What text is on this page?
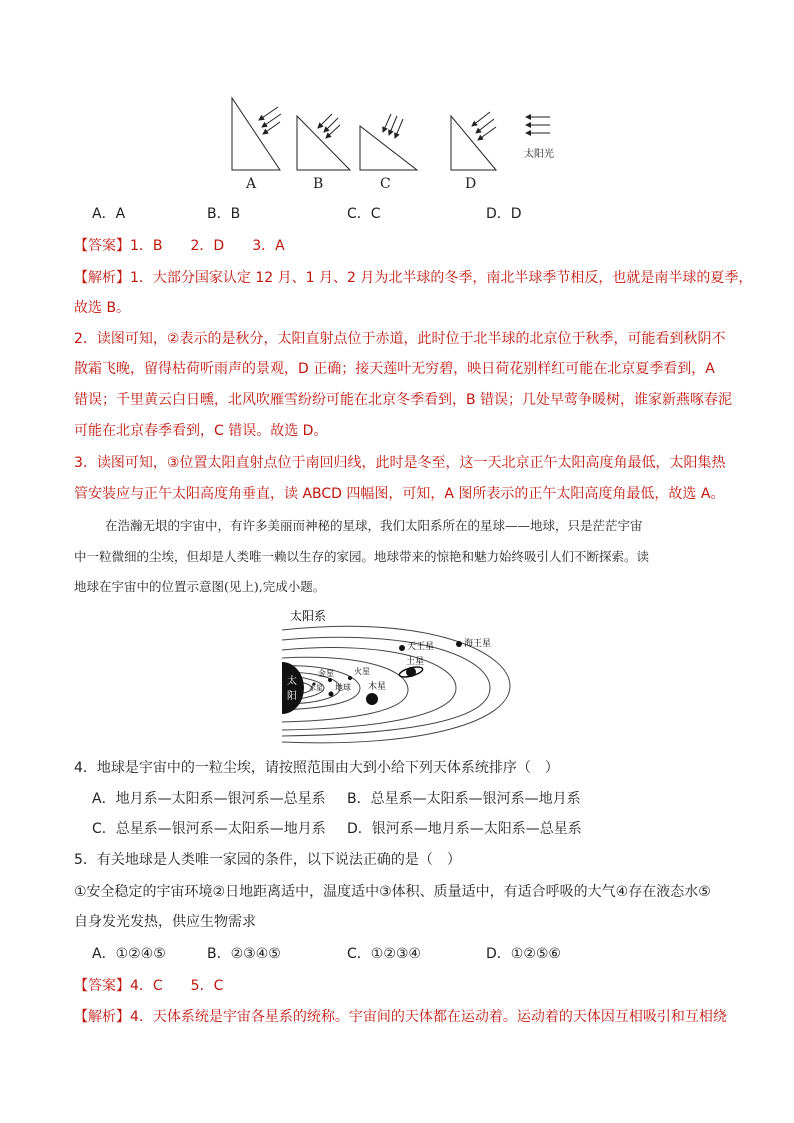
A	B	C	D
太阳光
A．A	B．B	C．C	D．D
【答案】1．B　　2．D　　3．A
【解析】1．大部分国家认定 12 月、1 月、2 月为北半球的冬季，南北半球季节相反，也就是南半球的夏季，
故选 B。
2．读图可知，②表示的是秋分，太阳直射点位于赤道，此时位于北半球的北京位于秋季，可能看到秋阴不
散霜飞晚，留得枯荷听雨声的景观，D 正确；接天莲叶无穷碧，映日荷花别样红可能在北京夏季看到，A
错误；千里黄云白日曛，北风吹雁雪纷纷可能在北京冬季看到，B 错误；几处早莺争暖树，谁家新燕啄春泥
可能在北京春季看到，C 错误。故选 D。
3．读图可知，③位置太阳直射点位于南回归线，此时是冬至，这一天北京正午太阳高度角最低，太阳集热
管安装应与正午太阳高度角垂直，读 ABCD 四幅图，可知，A 图所表示的正午太阳高度角最低，故选 A。
在浩瀚无垠的宇宙中，有许多美丽而神秘的星球，我们太阳系所在的星球——地球，只是茫茫宇宙
中一粒微细的尘埃，但却是人类唯一赖以生存的家园。地球带来的惊艳和魅力始终吸引人们不断探索。读
地球在宇宙中的位置示意图(见上),完成小题。
太阳系
太
阳
天王星	海王星
土星
金星	火星
水星 地球 木星
4．地球是宇宙中的一粒尘埃，请按照范围由大到小给下列天体系统排序（　）
A．地月系—太阳系—银河系—总星系 B．总星系—太阳系—银河系—地月系
C．总星系—银河系—太阳系—地月系 D．银河系—地月系—太阳系—总星系
5．有关地球是人类唯一家园的条件，以下说法正确的是（　）
①安全稳定的宇宙环境②日地距离适中，温度适中③体积、质量适中，有适合呼吸的大气④存在液态水⑤
自身发光发热，供应生物需求
A．①②④⑤	B．②③④⑤	C．①②③④	D．①②⑤⑥
【答案】4．C　　5．C
【解析】4．天体系统是宇宙各星系的统称。宇宙间的天体都在运动着。运动着的天体因互相吸引和互相绕
